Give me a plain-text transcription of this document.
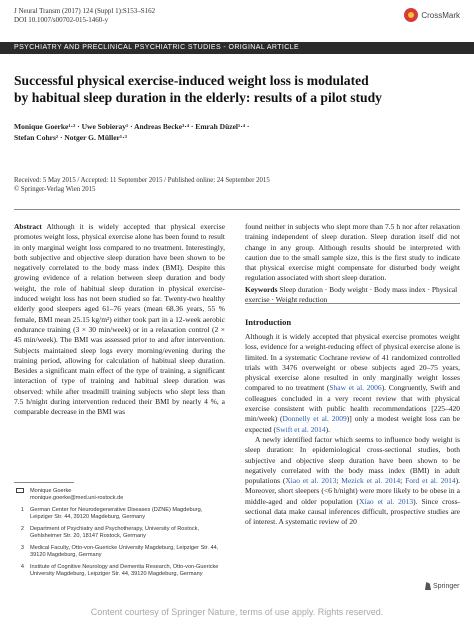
J Neural Transm (2017) 124 (Suppl 1):S153–S162
DOI 10.1007/s00702-015-1460-y
CrossMark
PSYCHIATRY AND PRECLINICAL PSYCHIATRIC STUDIES - ORIGINAL ARTICLE
Successful physical exercise-induced weight loss is modulated
by habitual sleep duration in the elderly: results of a pilot study
Monique Goerke¹·² · Uwe Sobieray¹ · Andreas Becke³·⁴ · Emrah Düzel¹·⁴ ·
Stefan Cohrs² · Notger G. Müller¹·³
Received: 5 May 2015 / Accepted: 11 September 2015 / Published online: 24 September 2015
© Springer-Verlag Wien 2015
Abstract Although it is widely accepted that physical exercise promotes weight loss, physical exercise alone has been found to result in only marginal weight loss compared to no treatment. Interestingly, both subjective and objective sleep duration have been shown to be negatively correlated to the body mass index (BMI). Despite this growing evidence of a relation between sleep duration and body weight, the role of habitual sleep duration in physical exercise-induced weight loss has not been studied so far. Twenty-two healthy elderly good sleepers aged 61–76 years (mean 68.36 years, 55 % female, BMI mean 25.15 kg/m²) either took part in a 12-week aerobic endurance training (3 × 30 min/week) or in a relaxation control (2 × 45 min/week). The BMI was assessed prior to and after intervention. Subjects maintained sleep logs every morning/evening during the training period, allowing for calculation of habitual sleep duration. Besides a significant main effect of the type of training, a significant interaction of type of training and habitual sleep duration was observed: while after treadmill training subjects who slept less than 7.5 h/night during intervention reduced their BMI by nearly 4 %, a comparable decrease in the BMI was
found neither in subjects who slept more than 7.5 h nor after relaxation training independent of sleep duration. Sleep duration itself did not change in any group. Although results should be interpreted with caution due to the small sample size, this is the first study to indicate that physical exercise might compensate for disturbed body weight regulation associated with short sleep duration.
Keywords Sleep duration · Body weight · Body mass index · Physical exercise · Weight reduction
Introduction

Although it is widely accepted that physical exercise promotes weight loss, evidence for a weight-reducing effect of physical exercise alone is limited. In a systematic Cochrane review of 41 randomized controlled trials with 3476 overweight or obese subjects aged 20–75 years, physical exercise alone resulted in only marginally weight losses compared to no treatment (Shaw et al. 2006). Congruently, Swift and colleagues concluded in a very recent review that with physical exercise consistent with public health recommendations [225–420 min/week) (Donnelly et al. 2009)] only a modest weight loss can be expected (Swift et al. 2014).

A newly identified factor which seems to influence body weight is sleep duration: In epidemiological cross-sectional studies, both subjective and objective sleep duration have been shown to be negatively correlated with the body mass index (BMI) in adult populations (Xiao et al. 2013; Mezick et al. 2014; Ford et al. 2014). Moreover, short sleepers (<6 h/night) were more likely to be obese in a middle-aged and older population (Xiao et al. 2013). Since cross-sectional data make causal inferences difficult, prospective studies are of interest. A systematic review of 20

Monique Goerke
monique.goerke@med.uni-rostock.de
1 German Center for Neurodegenerative Diseases (DZNE) Magdeburg, Leipziger Str. 44, 39120 Magdeburg, Germany
2 Department of Psychiatry and Psychotherapy, University of Rostock, Gehlsheimer Str. 20, 18147 Rostock, Germany
3 Medical Faculty, Otto-von-Guericke University Magdeburg, Leipziger Str. 44, 39120 Magdeburg, Germany
4 Institute of Cognitive Neurology and Dementia Research, Otto-von-Guericke University Magdeburg, Leipziger Str. 44, 39120 Magdeburg, Germany
Springer
Content courtesy of Springer Nature, terms of use apply. Rights reserved.
